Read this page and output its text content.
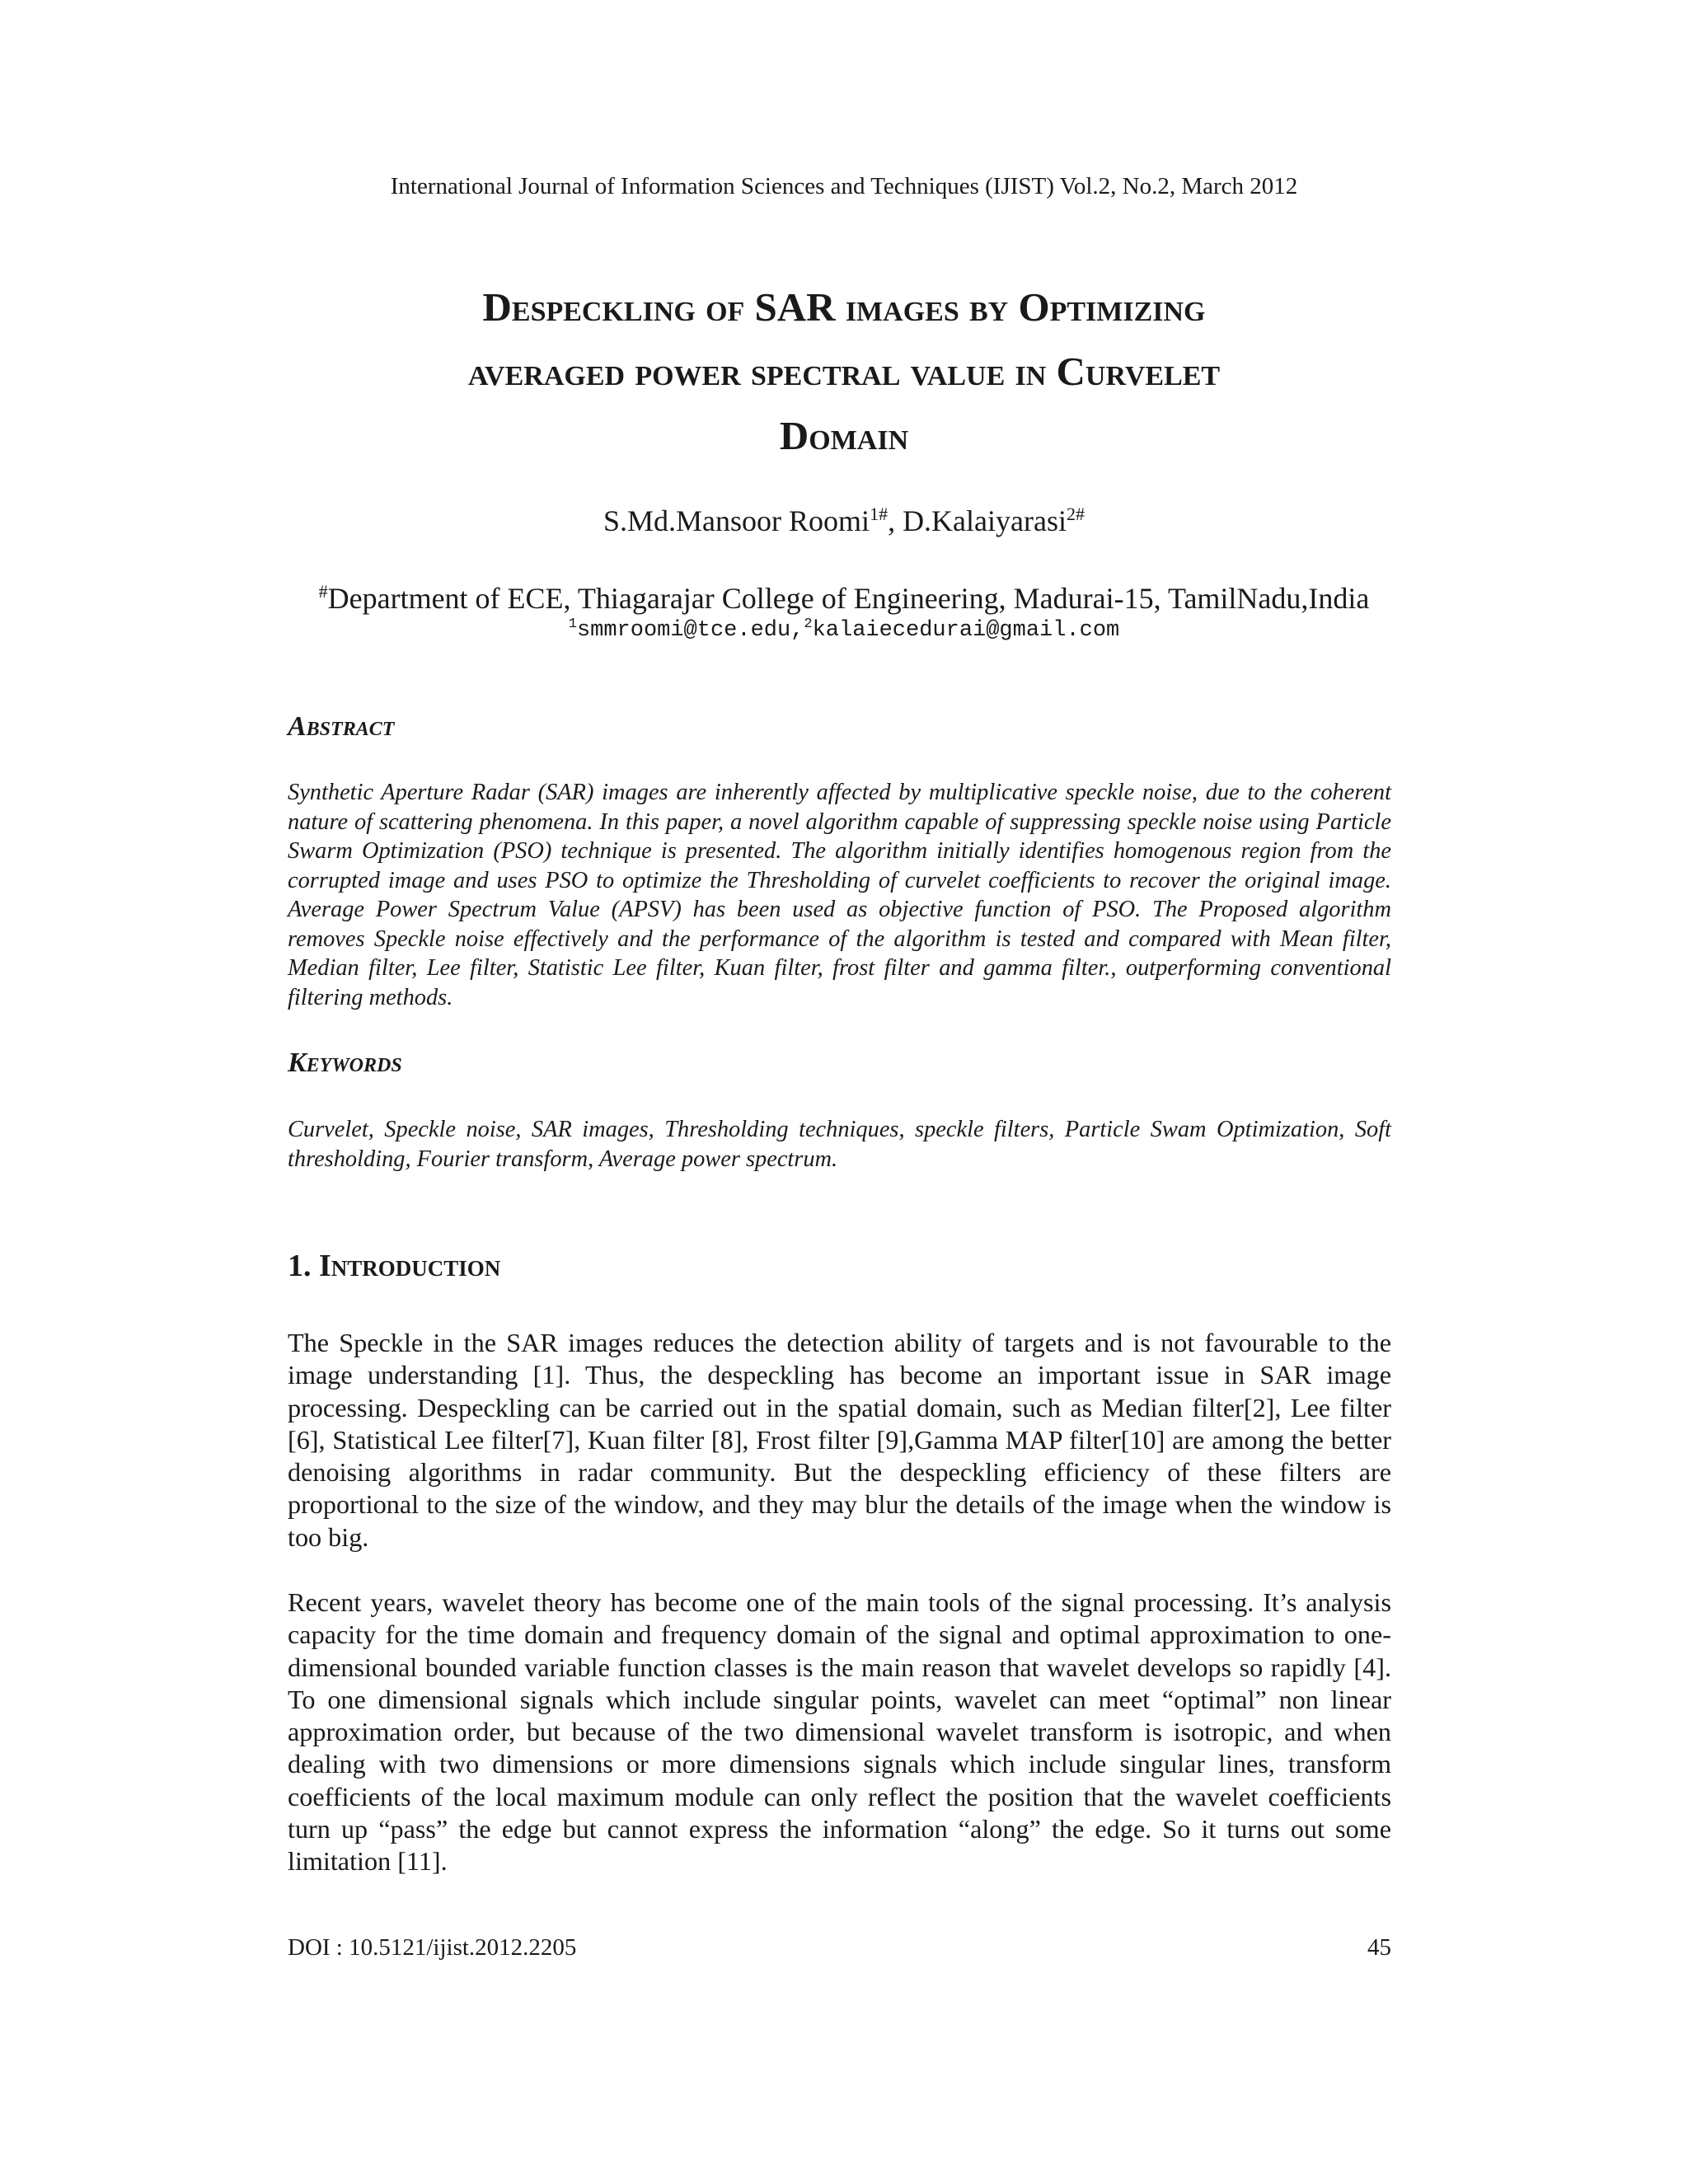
International Journal of Information Sciences and Techniques (IJIST) Vol.2, No.2, March 2012
Despeckling of SAR images by Optimizing
averaged power spectral value in Curvelet
Domain
S.Md.Mansoor Roomi$^{1\#}$, D.Kalaiyarasi$^{2\#}$
#Department of ECE, Thiagarajar College of Engineering, Madurai-15, TamilNadu,India
$^1$smmroomi@tce.edu,$^2$kalaiecedurai@gmail.com
Abstract
Synthetic Aperture Radar (SAR) images are inherently affected by multiplicative speckle noise, due to the coherent nature of scattering phenomena. In this paper, a novel algorithm capable of suppressing speckle noise using Particle Swarm Optimization (PSO) technique is presented. The algorithm initially identifies homogenous region from the corrupted image and uses PSO to optimize the Thresholding of curvelet coefficients to recover the original image. Average Power Spectrum Value (APSV) has been used as objective function of PSO. The Proposed algorithm removes Speckle noise effectively and the performance of the algorithm is tested and compared with Mean filter, Median filter, Lee filter, Statistic Lee filter, Kuan filter, frost filter and gamma filter., outperforming conventional filtering methods.
Keywords
Curvelet, Speckle noise, SAR images, Thresholding techniques, speckle filters, Particle Swam Optimization, Soft thresholding, Fourier transform, Average power spectrum.
1. Introduction
The Speckle in the SAR images reduces the detection ability of targets and is not favourable to the image understanding [1]. Thus, the despeckling has become an important issue in SAR image processing. Despeckling can be carried out in the spatial domain, such as Median filter[2], Lee filter [6], Statistical Lee filter[7], Kuan filter [8], Frost filter [9],Gamma MAP filter[10] are among the better denoising algorithms in radar community. But the despeckling efficiency of these filters are proportional to the size of the window, and they may blur the details of the image when the window is too big.
Recent years, wavelet theory has become one of the main tools of the signal processing. It’s analysis capacity for the time domain and frequency domain of the signal and optimal approximation to one-dimensional bounded variable function classes is the main reason that wavelet develops so rapidly [4]. To one dimensional signals which include singular points, wavelet can meet “optimal” non linear approximation order, but because of the two dimensional wavelet transform is isotropic, and when dealing with two dimensions or more dimensions signals which include singular lines, transform coefficients of the local maximum module can only reflect the position that the wavelet coefficients turn up “pass” the edge but cannot express the information “along” the edge. So it turns out some limitation [11].
DOI : 10.5121/ijist.2012.2205	45
